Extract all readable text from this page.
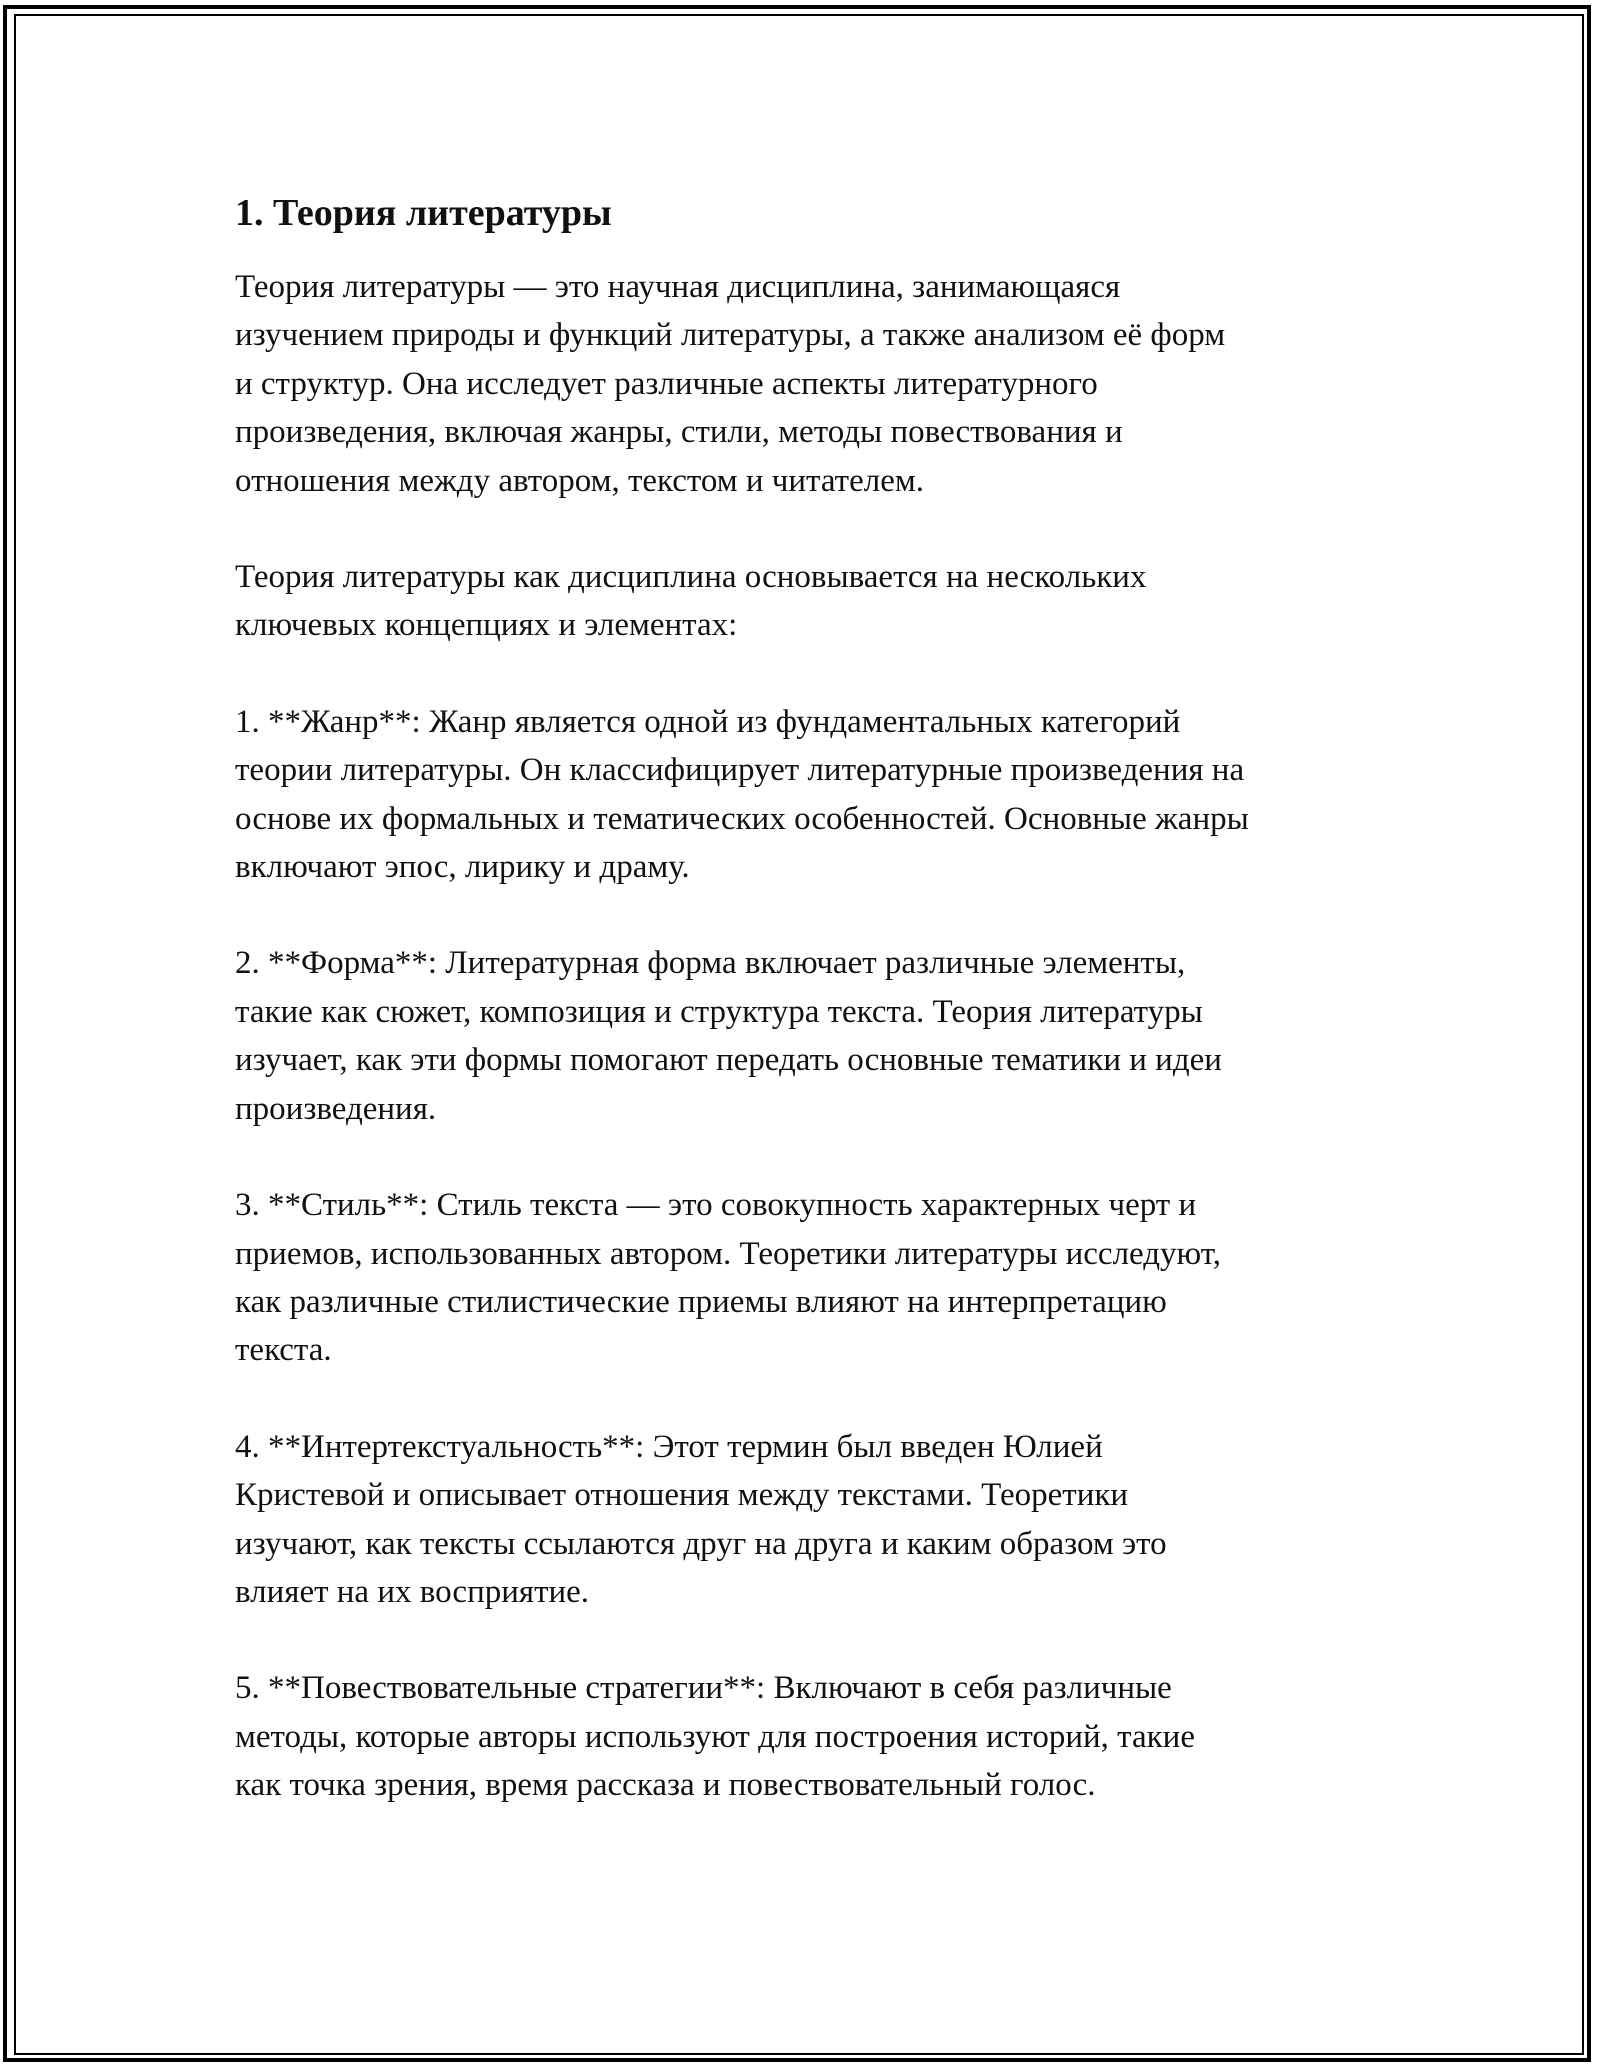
1. Теория литературы

Теория литературы — это научная дисциплина, занимающаяся
изучением природы и функций литературы, а также анализом её форм
и структур. Она исследует различные аспекты литературного
произведения, включая жанры, стили, методы повествования и
отношения между автором, текстом и читателем.

Теория литературы как дисциплина основывается на нескольких
ключевых концепциях и элементах:

1. **Жанр**: Жанр является одной из фундаментальных категорий
теории литературы. Он классифицирует литературные произведения на
основе их формальных и тематических особенностей. Основные жанры
включают эпос, лирику и драму.

2. **Форма**: Литературная форма включает различные элементы,
такие как сюжет, композиция и структура текста. Теория литературы
изучает, как эти формы помогают передать основные тематики и идеи
произведения.

3. **Стиль**: Стиль текста — это совокупность характерных черт и
приемов, использованных автором. Теоретики литературы исследуют,
как различные стилистические приемы влияют на интерпретацию
текста.

4. **Интертекстуальность**: Этот термин был введен Юлией
Кристевой и описывает отношения между текстами. Теоретики
изучают, как тексты ссылаются друг на друга и каким образом это
влияет на их восприятие.

5. **Повествовательные стратегии**: Включают в себя различные
методы, которые авторы используют для построения историй, такие
как точка зрения, время рассказа и повествовательный голос.
